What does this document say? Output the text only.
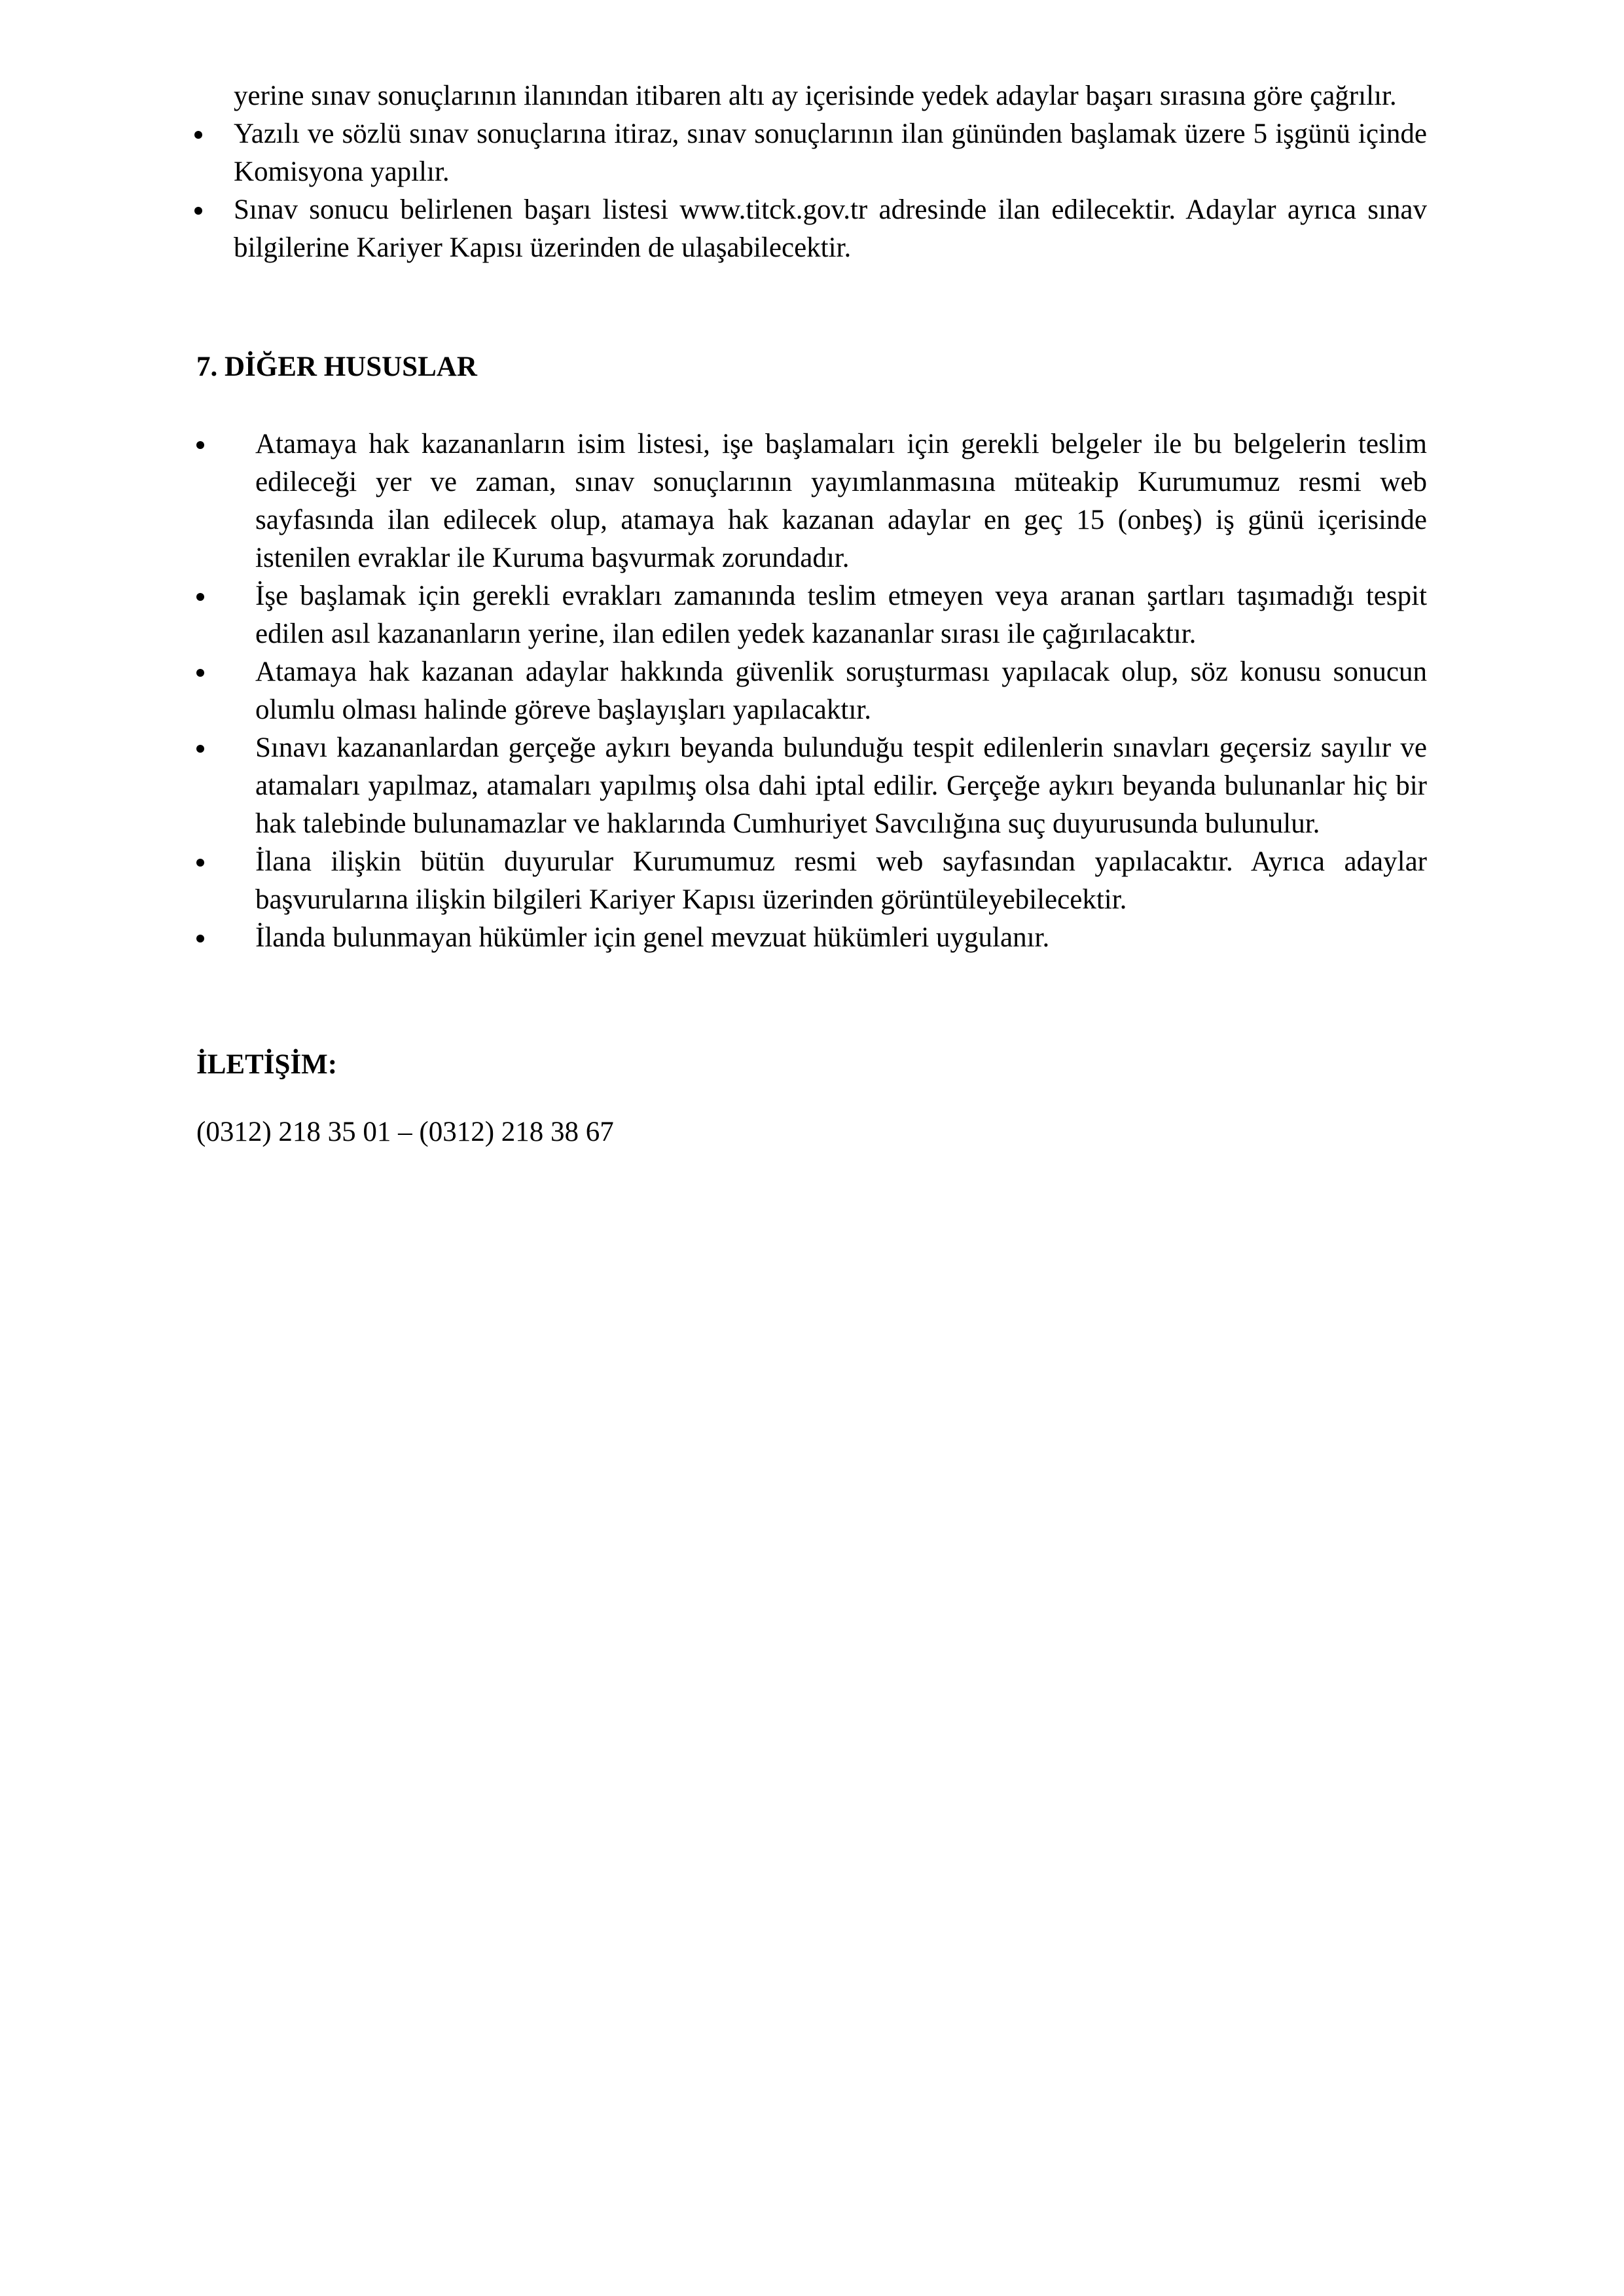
yerine sınav sonuçlarının ilanından itibaren altı ay içerisinde yedek adaylar başarı sırasına göre çağrılır.
Yazılı ve sözlü sınav sonuçlarına itiraz, sınav sonuçlarının ilan gününden başlamak üzere 5 işgünü içinde Komisyona yapılır.
Sınav sonucu belirlenen başarı listesi www.titck.gov.tr adresinde ilan edilecektir. Adaylar ayrıca sınav bilgilerine Kariyer Kapısı üzerinden de ulaşabilecektir.
7. DİĞER HUSUSLAR
Atamaya hak kazananların isim listesi, işe başlamaları için gerekli belgeler ile bu belgelerin teslim edileceği yer ve zaman, sınav sonuçlarının yayımlanmasına müteakip Kurumumuz resmi web sayfasında ilan edilecek olup, atamaya hak kazanan adaylar en geç 15 (onbeş) iş günü içerisinde istenilen evraklar ile Kuruma başvurmak zorundadır.
İşe başlamak için gerekli evrakları zamanında teslim etmeyen veya aranan şartları taşımadığı tespit edilen asıl kazananların yerine, ilan edilen yedek kazananlar sırası ile çağırılacaktır.
Atamaya hak kazanan adaylar hakkında güvenlik soruşturması yapılacak olup, söz konusu sonucun olumlu olması halinde göreve başlayışları yapılacaktır.
Sınavı kazananlardan gerçeğe aykırı beyanda bulunduğu tespit edilenlerin sınavları geçersiz sayılır ve atamaları yapılmaz, atamaları yapılmış olsa dahi iptal edilir. Gerçeğe aykırı beyanda bulunanlar hiç bir hak talebinde bulunamazlar ve haklarında Cumhuriyet Savcılığına suç duyurusunda bulunulur.
İlana ilişkin bütün duyurular Kurumumuz resmi web sayfasından yapılacaktır. Ayrıca adaylar başvurularına ilişkin bilgileri Kariyer Kapısı üzerinden görüntüleyebilecektir.
İlanda bulunmayan hükümler için genel mevzuat hükümleri uygulanır.
İLETİŞİM:
(0312) 218 35 01 – (0312) 218 38 67
